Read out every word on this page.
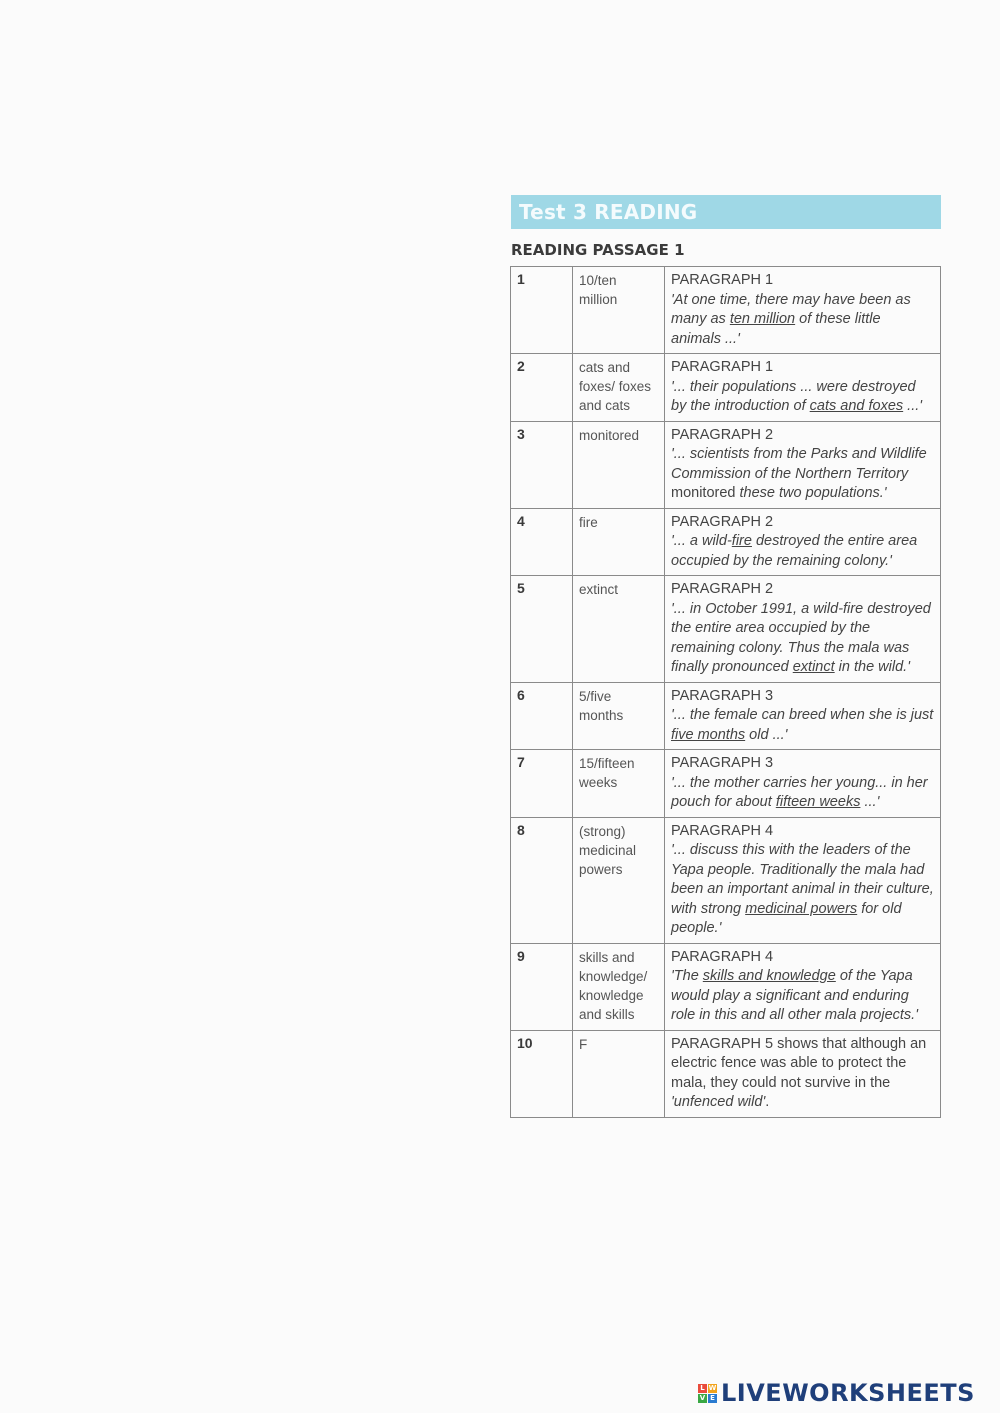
Test 3 READING
READING PASSAGE 1
1	10/ten million	PARAGRAPH 1
'At one time, there may have been as many as ten million of these little animals ...'
2	cats and foxes/ foxes and cats	PARAGRAPH 1
'... their populations ... were destroyed by the introduction of cats and foxes ...'
3	monitored	PARAGRAPH 2
'... scientists from the Parks and Wildlife Commission of the Northern Territory monitored these two populations.'
4	fire	PARAGRAPH 2
'... a wild-fire destroyed the entire area occupied by the remaining colony.'
5	extinct	PARAGRAPH 2
'... in October 1991, a wild-fire destroyed the entire area occupied by the remaining colony. Thus the mala was finally pronounced extinct in the wild.'
6	5/five months	PARAGRAPH 3
'... the female can breed when she is just five months old ...'
7	15/fifteen weeks	PARAGRAPH 3
'... the mother carries her young... in her pouch for about fifteen weeks ...'
8	(strong) medicinal powers	PARAGRAPH 4
'... discuss this with the leaders of the Yapa people. Traditionally the mala had been an important animal in their culture, with strong medicinal powers for old people.'
9	skills and knowledge/ knowledge and skills	PARAGRAPH 4
'The skills and knowledge of the Yapa would play a significant and enduring role in this and all other mala projects.'
10	F	PARAGRAPH 5 shows that although an electric fence was able to protect the mala, they could not survive in the 'unfenced wild'.
L W
V E LIVEWORKSHEETS
